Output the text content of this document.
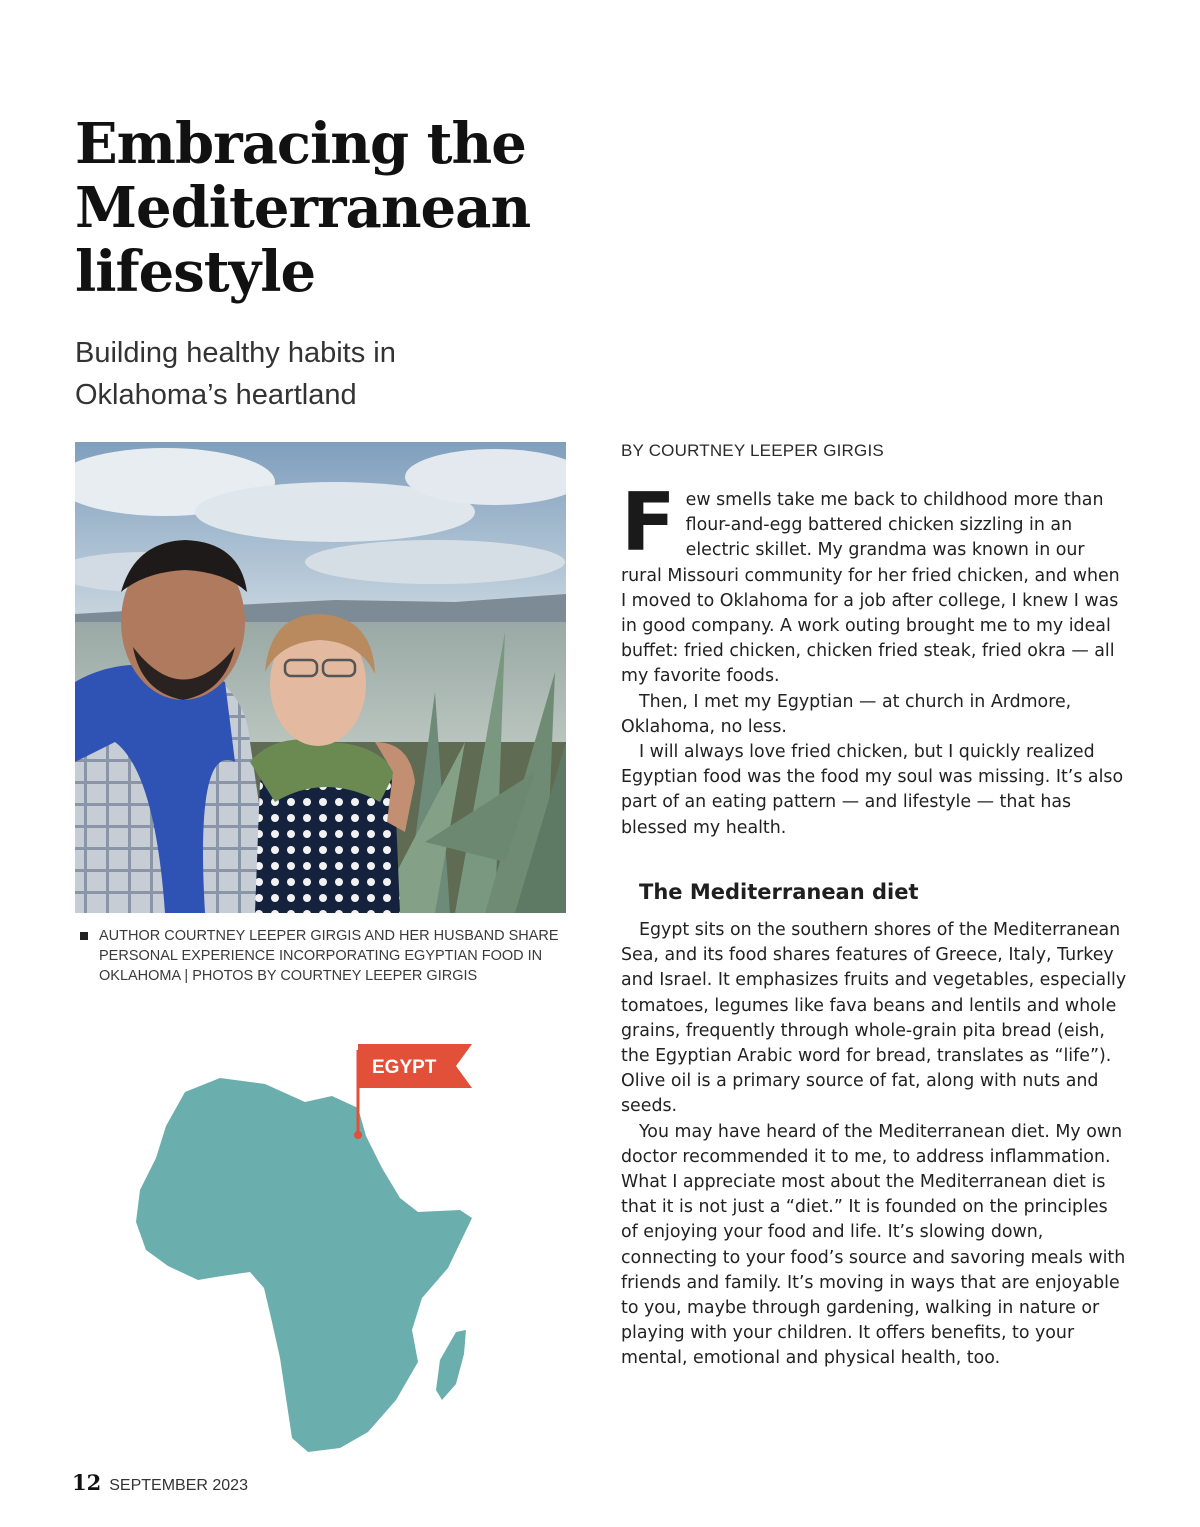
Embracing the
Mediterranean
lifestyle
Building healthy habits in
Oklahoma’s heartland
AUTHOR COURTNEY LEEPER GIRGIS AND HER HUSBAND SHARE PERSONAL EXPERIENCE INCORPORATING EGYPTIAN FOOD IN OKLAHOMA | PHOTOS BY COURTNEY LEEPER GIRGIS
EGYPT
BY COURTNEY LEEPER GIRGIS

Few smells take me back to childhood more than flour-and-egg battered chicken sizzling in an electric skillet. My grandma was known in our rural Missouri community for her fried chicken, and when I moved to Oklahoma for a job after college, I knew I was in good company. A work outing brought me to my ideal buffet: fried chicken, chicken fried steak, fried okra — all my favorite foods.

Then, I met my Egyptian — at church in Ardmore, Oklahoma, no less.

I will always love fried chicken, but I quickly realized Egyptian food was the food my soul was missing. It’s also part of an eating pattern — and lifestyle — that has blessed my health.

The Mediterranean diet

Egypt sits on the southern shores of the Mediterranean Sea, and its food shares features of Greece, Italy, Turkey and Israel. It emphasizes fruits and vegetables, especially tomatoes, legumes like fava beans and lentils and whole grains, frequently through whole-grain pita bread (eish, the Egyptian Arabic word for bread, translates as “life”). Olive oil is a primary source of fat, along with nuts and seeds.

You may have heard of the Mediterranean diet. My own doctor recommended it to me, to address inflammation. What I appreciate most about the Mediterranean diet is that it is not just a “diet.” It is founded on the principles of enjoying your food and life. It’s slowing down, connecting to your food’s source and savoring meals with friends and family. It’s moving in ways that are enjoyable to you, maybe through gardening, walking in nature or playing with your children. It offers benefits, to your mental, emotional and physical health, too.

12 SEPTEMBER 2023
